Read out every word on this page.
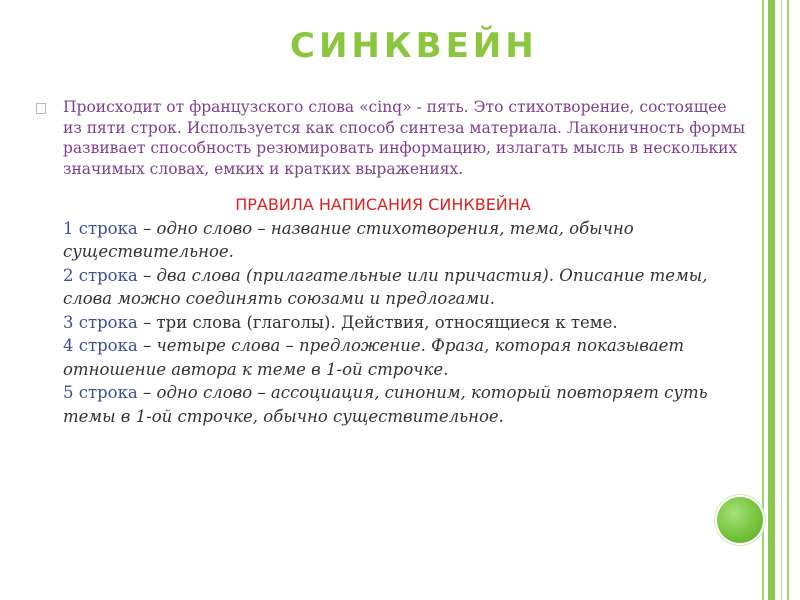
СИНКВЕЙН
Происходит от французского слова «cinq» - пять. Это стихотворение, состоящее из пяти строк. Используется как способ синтеза материала. Лаконичность формы развивает способность резюмировать информацию, излагать мысль в нескольких значимых словах, емких и кратких выражениях.
ПРАВИЛА НАПИСАНИЯ СИНКВЕЙНА
1 строка – одно слово – название стихотворения, тема, обычно существительное.
2 строка – два слова (прилагательные или причастия). Описание темы, слова можно соединять союзами и предлогами.
3 строка – три слова (глаголы). Действия, относящиеся к теме.
4 строка – четыре слова – предложение. Фраза, которая показывает отношение автора к теме в 1-ой строчке.
5 строка – одно слово – ассоциация, синоним, который повторяет суть темы в 1-ой строчке, обычно существительное.
